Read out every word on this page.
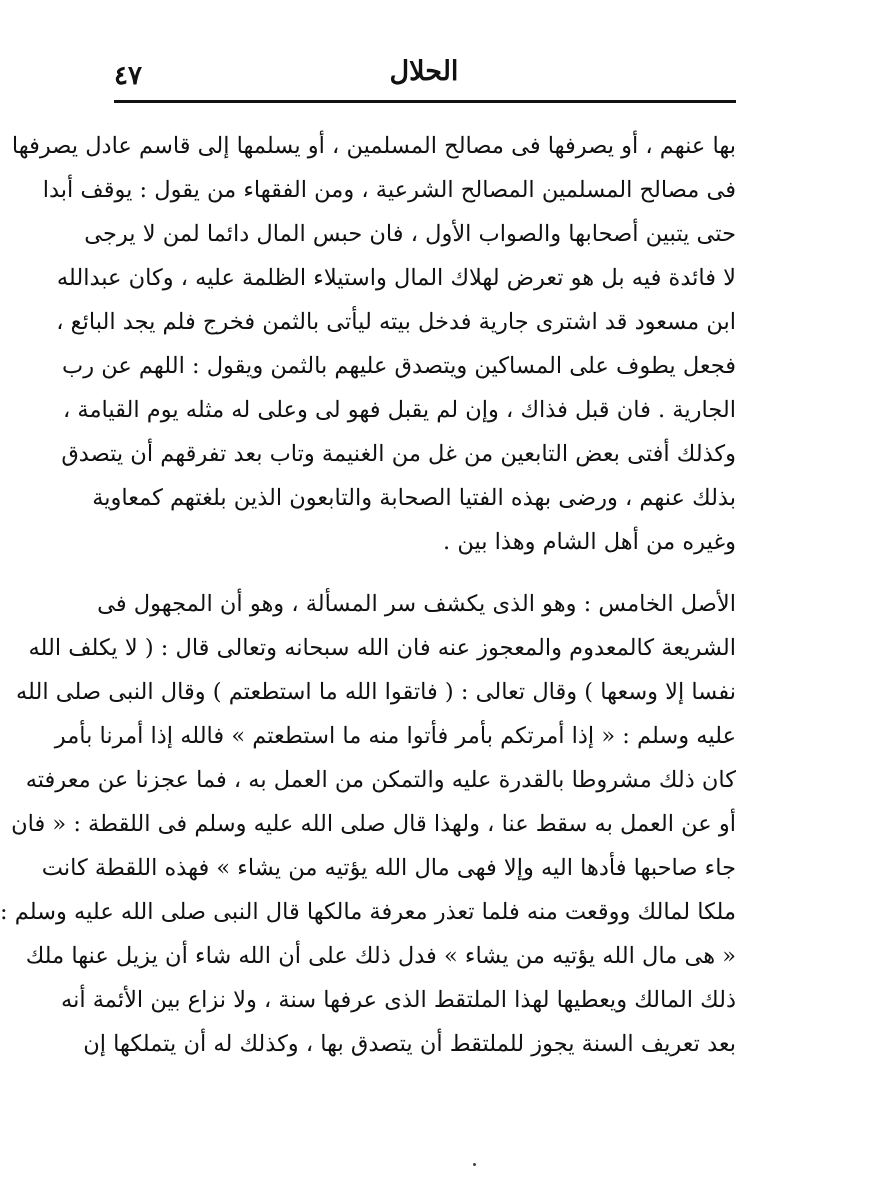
الحلال
٤٧
بها عنهم ، أو يصرفها فى مصالح المسلمين ، أو يسلمها إلى قاسم عادل يصرفها
فى مصالح المسلمين المصالح الشرعية ، ومن الفقهاء من يقول : يوقف أبدا
حتى يتبين أصحابها والصواب الأول ، فان حبس المال دائما لمن لا يرجى
لا فائدة فيه بل هو تعرض لهلاك المال واستيلاء الظلمة عليه ، وكان عبدالله
ابن مسعود قد اشترى جارية فدخل بيته ليأتى بالثمن فخرج فلم يجد البائع ،
فجعل يطوف على المساكين ويتصدق عليهم بالثمن ويقول : اللهم عن رب
الجارية . فان قبل فذاك ، وإن لم يقبل فهو لى وعلى له مثله يوم القيامة ،
وكذلك أفتى بعض التابعين من غل من الغنيمة وتاب بعد تفرقهم أن يتصدق
بذلك عنهم ، ورضى بهذه الفتيا الصحابة والتابعون الذين بلغتهم كمعاوية
وغيره من أهل الشام وهذا بين .
الأصل الخامس : وهو الذى يكشف سر المسألة ، وهو أن المجهول فى
الشريعة كالمعدوم والمعجوز عنه فان الله سبحانه وتعالى قال : ( لا يكلف الله
نفسا إلا وسعها ) وقال تعالى : ( فاتقوا الله ما استطعتم ) وقال النبى صلى الله
عليه وسلم : « إذا أمرتكم بأمر فأتوا منه ما استطعتم » فالله إذا أمرنا بأمر
كان ذلك مشروطا بالقدرة عليه والتمكن من العمل به ، فما عجزنا عن معرفته
أو عن العمل به سقط عنا ، ولهذا قال صلى الله عليه وسلم فى اللقطة : « فان
جاء صاحبها فأدها اليه وإلا فهى مال الله يؤتيه من يشاء » فهذه اللقطة كانت
ملكا لمالك ووقعت منه فلما تعذر معرفة مالكها قال النبى صلى الله عليه وسلم :
« هى مال الله يؤتيه من يشاء » فدل ذلك على أن الله شاء أن يزيل عنها ملك
ذلك المالك ويعطيها لهذا الملتقط الذى عرفها سنة ، ولا نزاع بين الأئمة أنه
بعد تعريف السنة يجوز للملتقط أن يتصدق بها ، وكذلك له أن يتملكها إن
